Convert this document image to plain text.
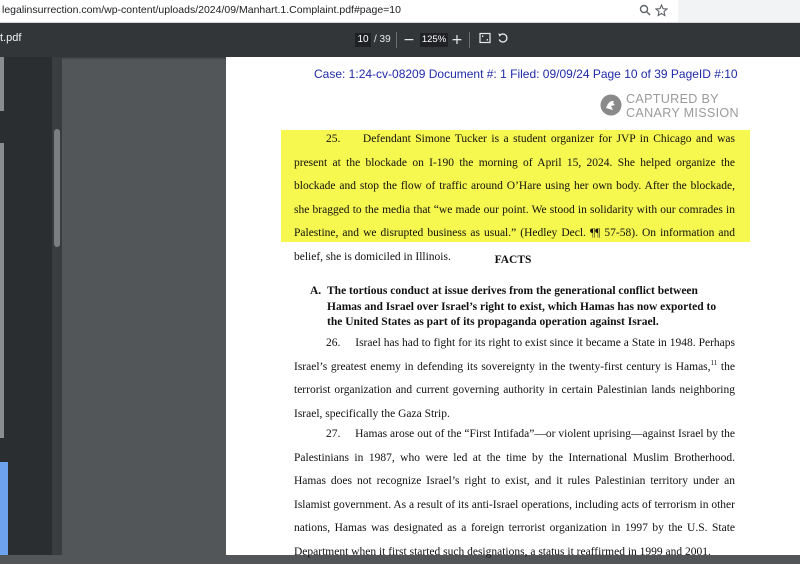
legalinsurrection.com/wp-content/uploads/2024/09/Manhart.1.Complaint.pdf#page=10
t.pdf	10 / 39 − 125% +
Case: 1:24-cv-08209 Document #: 1 Filed: 09/09/24 Page 10 of 39 PageID #:10
CAPTURED BY
CANARY MISSION
25. Defendant Simone Tucker is a student organizer for JVP in Chicago and was present at the blockade on I-190 the morning of April 15, 2024. She helped organize the blockade and stop the flow of traffic around O’Hare using her own body. After the blockade, she bragged to the media that “we made our point. We stood in solidarity with our comrades in Palestine, and we disrupted business as usual.” (Hedley Decl. ¶¶ 57-58). On information and belief, she is domiciled in Illinois.	FACTS
A. The tortious conduct at issue derives from the generational conflict between Hamas and Israel over Israel’s right to exist, which Hamas has now exported to the United States as part of its propaganda operation against Israel.
26. Israel has had to fight for its right to exist since it became a State in 1948. Perhaps Israel’s greatest enemy in defending its sovereignty in the twenty-first century is Hamas,$^{11}$ the terrorist organization and current governing authority in certain Palestinian lands neighboring Israel, specifically the Gaza Strip.
27. Hamas arose out of the “First Intifada”—or violent uprising—against Israel by the Palestinians in 1987, who were led at the time by the International Muslim Brotherhood. Hamas does not recognize Israel’s right to exist, and it rules Palestinian territory under an Islamist government. As a result of its anti-Israel operations, including acts of terrorism in other nations, Hamas was designated as a foreign terrorist organization in 1997 by the U.S. State Department when it first started such designations, a status it reaffirmed in 1999 and 2001.
